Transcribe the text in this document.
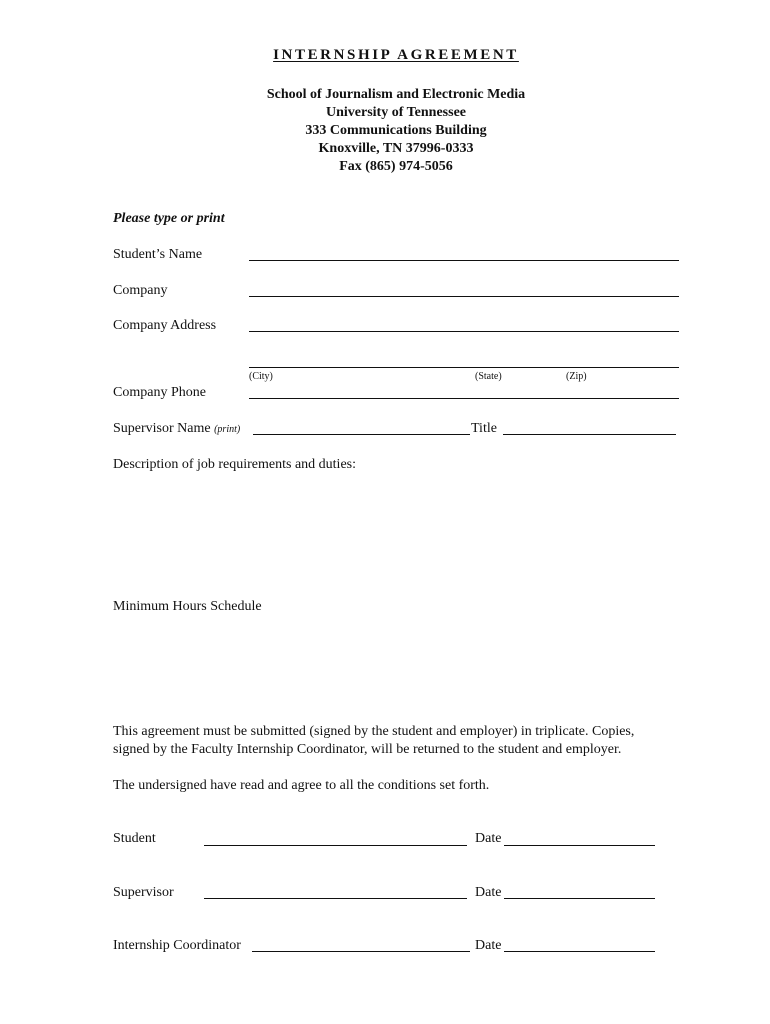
INTERNSHIP AGREEMENT
School of Journalism and Electronic Media
University of Tennessee
333 Communications Building
Knoxville, TN 37996-0333
Fax (865) 974-5056
Please type or print
Student’s Name
Company
Company Address
(City)	(State)	(Zip)
Company Phone
Supervisor Name (print)	Title
Description of job requirements and duties:
Minimum Hours Schedule
This agreement must be submitted (signed by the student and employer) in triplicate. Copies,
signed by the Faculty Internship Coordinator, will be returned to the student and employer.
The undersigned have read and agree to all the conditions set forth.
Student	Date
Supervisor	Date
Internship Coordinator	Date
